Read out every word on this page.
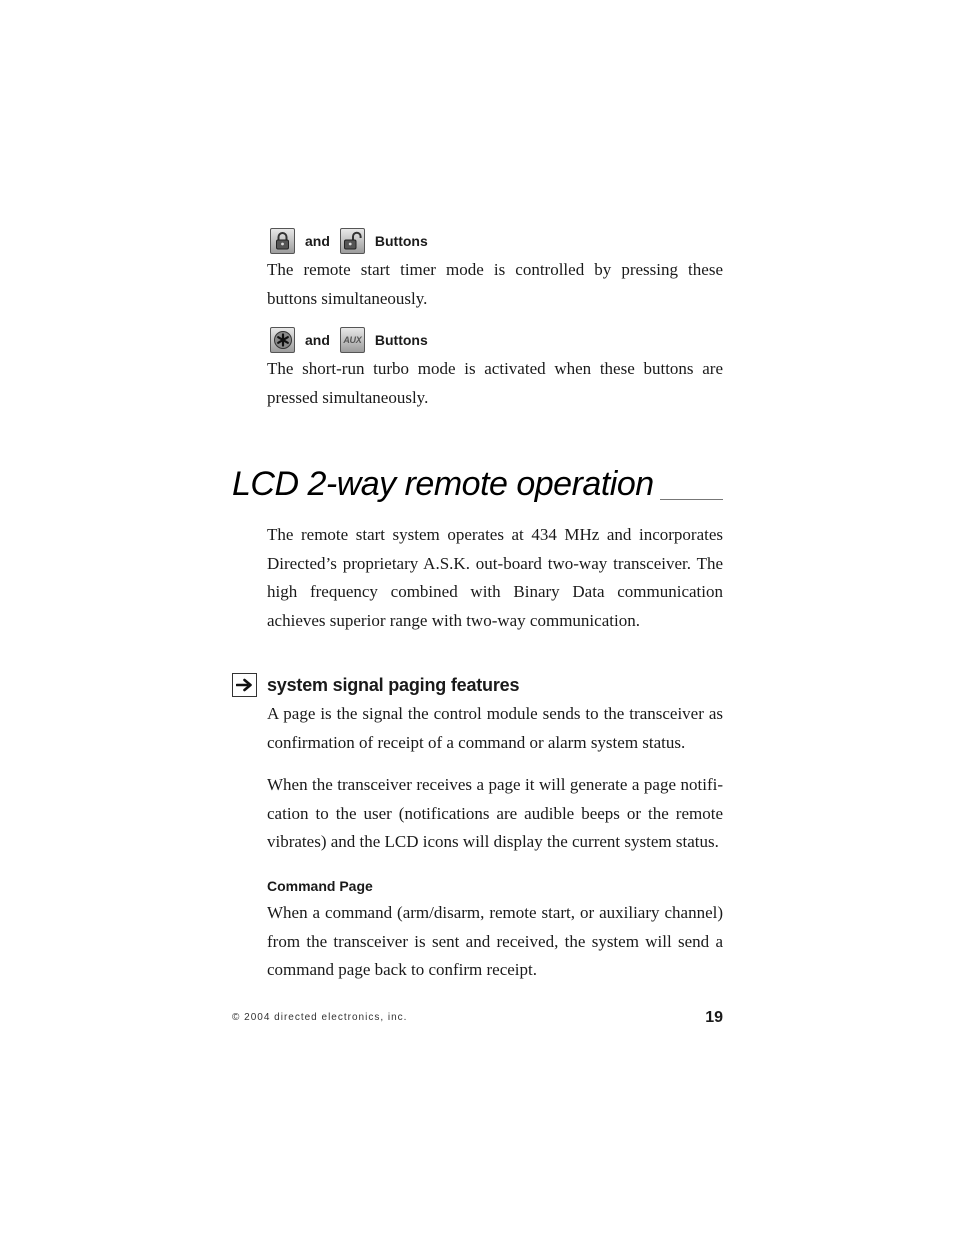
and	Buttons

The remote start timer mode is controlled by pressing these buttons simultaneously.

and AUX Buttons

The short-run turbo mode is activated when these buttons are pressed simultaneously.

LCD 2-way remote operation

The remote start system operates at 434 MHz and incorporates Directed’s proprietary A.S.K. out-board two-way transceiver. The high frequency combined with Binary Data communication achieves superior range with two-way communication.

system signal paging features

A page is the signal the control module sends to the transceiver as confirmation of receipt of a command or alarm system status.

When the transceiver receives a page it will generate a page notifi- cation to the user (notifications are audible beeps or the remote vibrates) and the LCD icons will display the current system status.

Command Page

When a command (arm/disarm, remote start, or auxiliary channel) from the transceiver is sent and received, the system will send a command page back to confirm receipt.

© 2004 directed electronics, inc.	19
